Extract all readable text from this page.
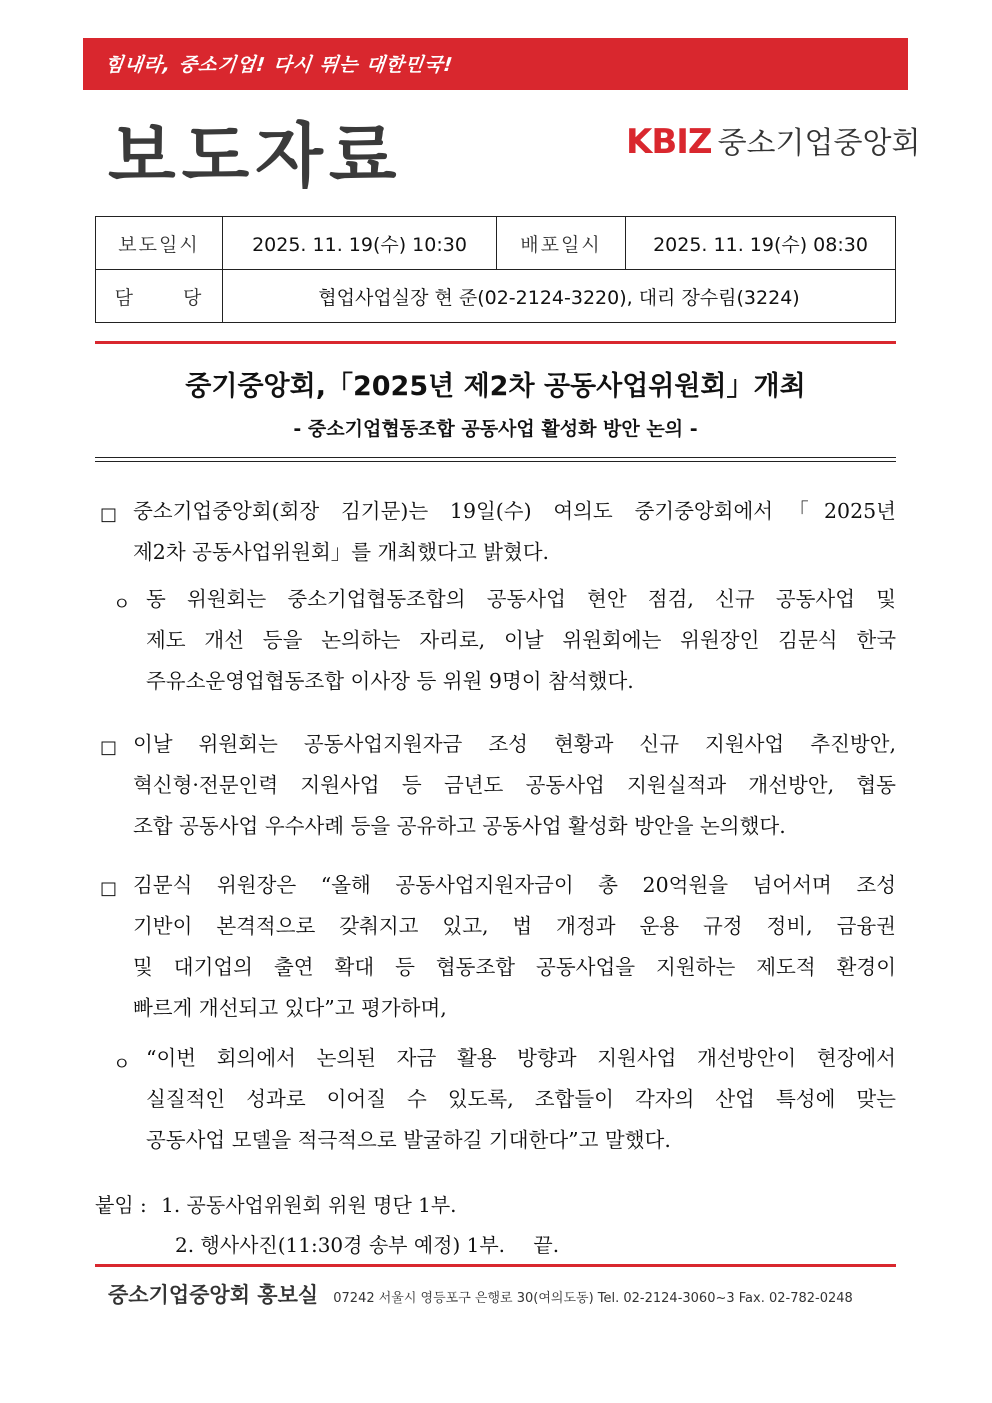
힘내라, 중소기업! 다시 뛰는 대한민국!
보도자료	KBIZ 중소기업중앙회
보도일시	2025. 11. 19(수) 10:30	배포일시	2025. 11. 19(수) 08:30
담 당	협업사업실장 현 준(02-2124-3220), 대리 장수림(3224)		
중기중앙회,「2025년 제2차 공동사업위원회」개최
- 중소기업협동조합 공동사업 활성화 방안 논의 -
□ 중소기업중앙회(회장 김기문)는 19일(수) 여의도 중기중앙회에서「2025년
제2차 공동사업위원회」를 개최했다고 밝혔다.
ㅇ 동 위원회는 중소기업협동조합의 공동사업 현안 점검, 신규 공동사업 및
제도 개선 등을 논의하는 자리로, 이날 위원회에는 위원장인 김문식 한국
주유소운영업협동조합 이사장 등 위원 9명이 참석했다.
□ 이날 위원회는 공동사업지원자금 조성 현황과 신규 지원사업 추진방안,
혁신형·전문인력 지원사업 등 금년도 공동사업 지원실적과 개선방안, 협동
조합 공동사업 우수사례 등을 공유하고 공동사업 활성화 방안을 논의했다.
□ 김문식 위원장은 “올해 공동사업지원자금이 총 20억원을 넘어서며 조성
기반이 본격적으로 갖춰지고 있고, 법 개정과 운용 규정 정비, 금융권
및 대기업의 출연 확대 등 협동조합 공동사업을 지원하는 제도적 환경이
빠르게 개선되고 있다”고 평가하며,
ㅇ “이번 회의에서 논의된 자금 활용 방향과 지원사업 개선방안이 현장에서
실질적인 성과로 이어질 수 있도록, 조합들이 각자의 산업 특성에 맞는
공동사업 모델을 적극적으로 발굴하길 기대한다”고 말했다.
붙임 : 1. 공동사업위원회 위원 명단 1부.
2. 행사사진(11:30경 송부 예정) 1부. 끝.
중소기업중앙회 홍보실 07242 서울시 영등포구 은행로 30(여의도동) Tel. 02-2124-3060~3 Fax. 02-782-0248
